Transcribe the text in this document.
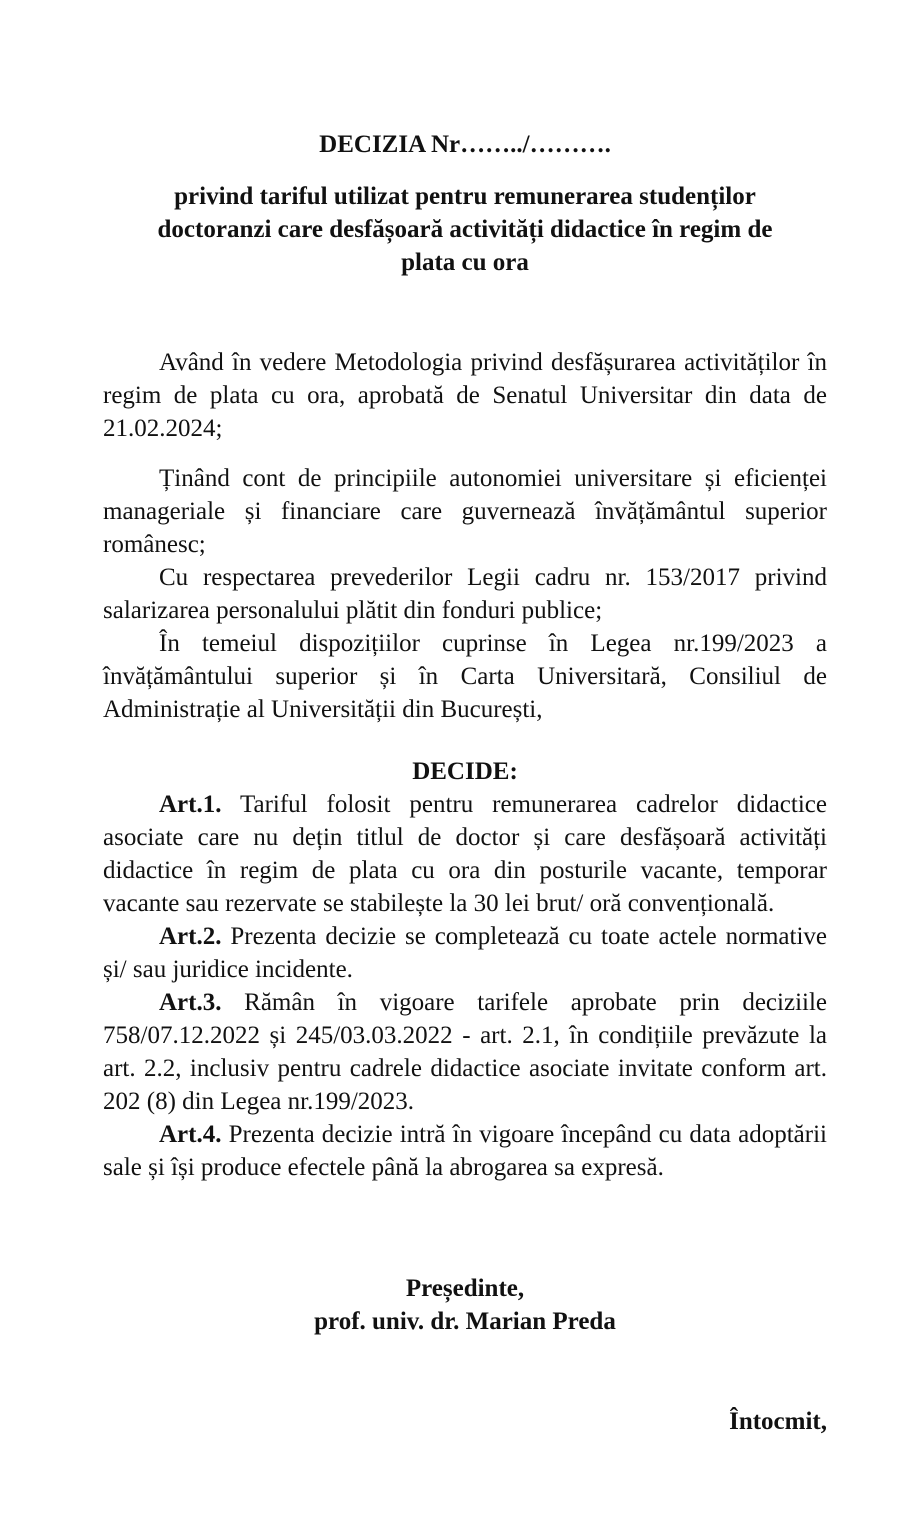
DECIZIA Nr……../……….
privind tariful utilizat pentru remunerarea studenților
doctoranzi care desfășoară activități didactice în regim de
plata cu ora

Având în vedere Metodologia privind desfășurarea activităților în regim de plata cu ora, aprobată de Senatul Universitar din data de 21.02.2024;

Ținând cont de principiile autonomiei universitare și eficienței manageriale și financiare care guvernează învățământul superior românesc;

Cu respectarea prevederilor Legii cadru nr. 153/2017 privind salarizarea personalului plătit din fonduri publice;

În temeiul dispozițiilor cuprinse în Legea nr.199/2023 a învățământului superior și în Carta Universitară, Consiliul de Administrație al Universității din București,

DECIDE:

Art.1. Tariful folosit pentru remunerarea cadrelor didactice asociate care nu dețin titlul de doctor și care desfășoară activități didactice în regim de plata cu ora din posturile vacante, temporar vacante sau rezervate se stabilește la 30 lei brut/ oră convențională.

Art.2. Prezenta decizie se completează cu toate actele normative și/ sau juridice incidente.

Art.3. Rămân în vigoare tarifele aprobate prin deciziile 758/07.12.2022 și 245/03.03.2022 - art. 2.1, în condițiile prevăzute la art. 2.2, inclusiv pentru cadrele didactice asociate invitate conform art. 202 (8) din Legea nr.199/2023.

Art.4. Prezenta decizie intră în vigoare începând cu data adoptării sale și își produce efectele până la abrogarea sa expresă.

Președinte,
prof. univ. dr. Marian Preda
Întocmit,
